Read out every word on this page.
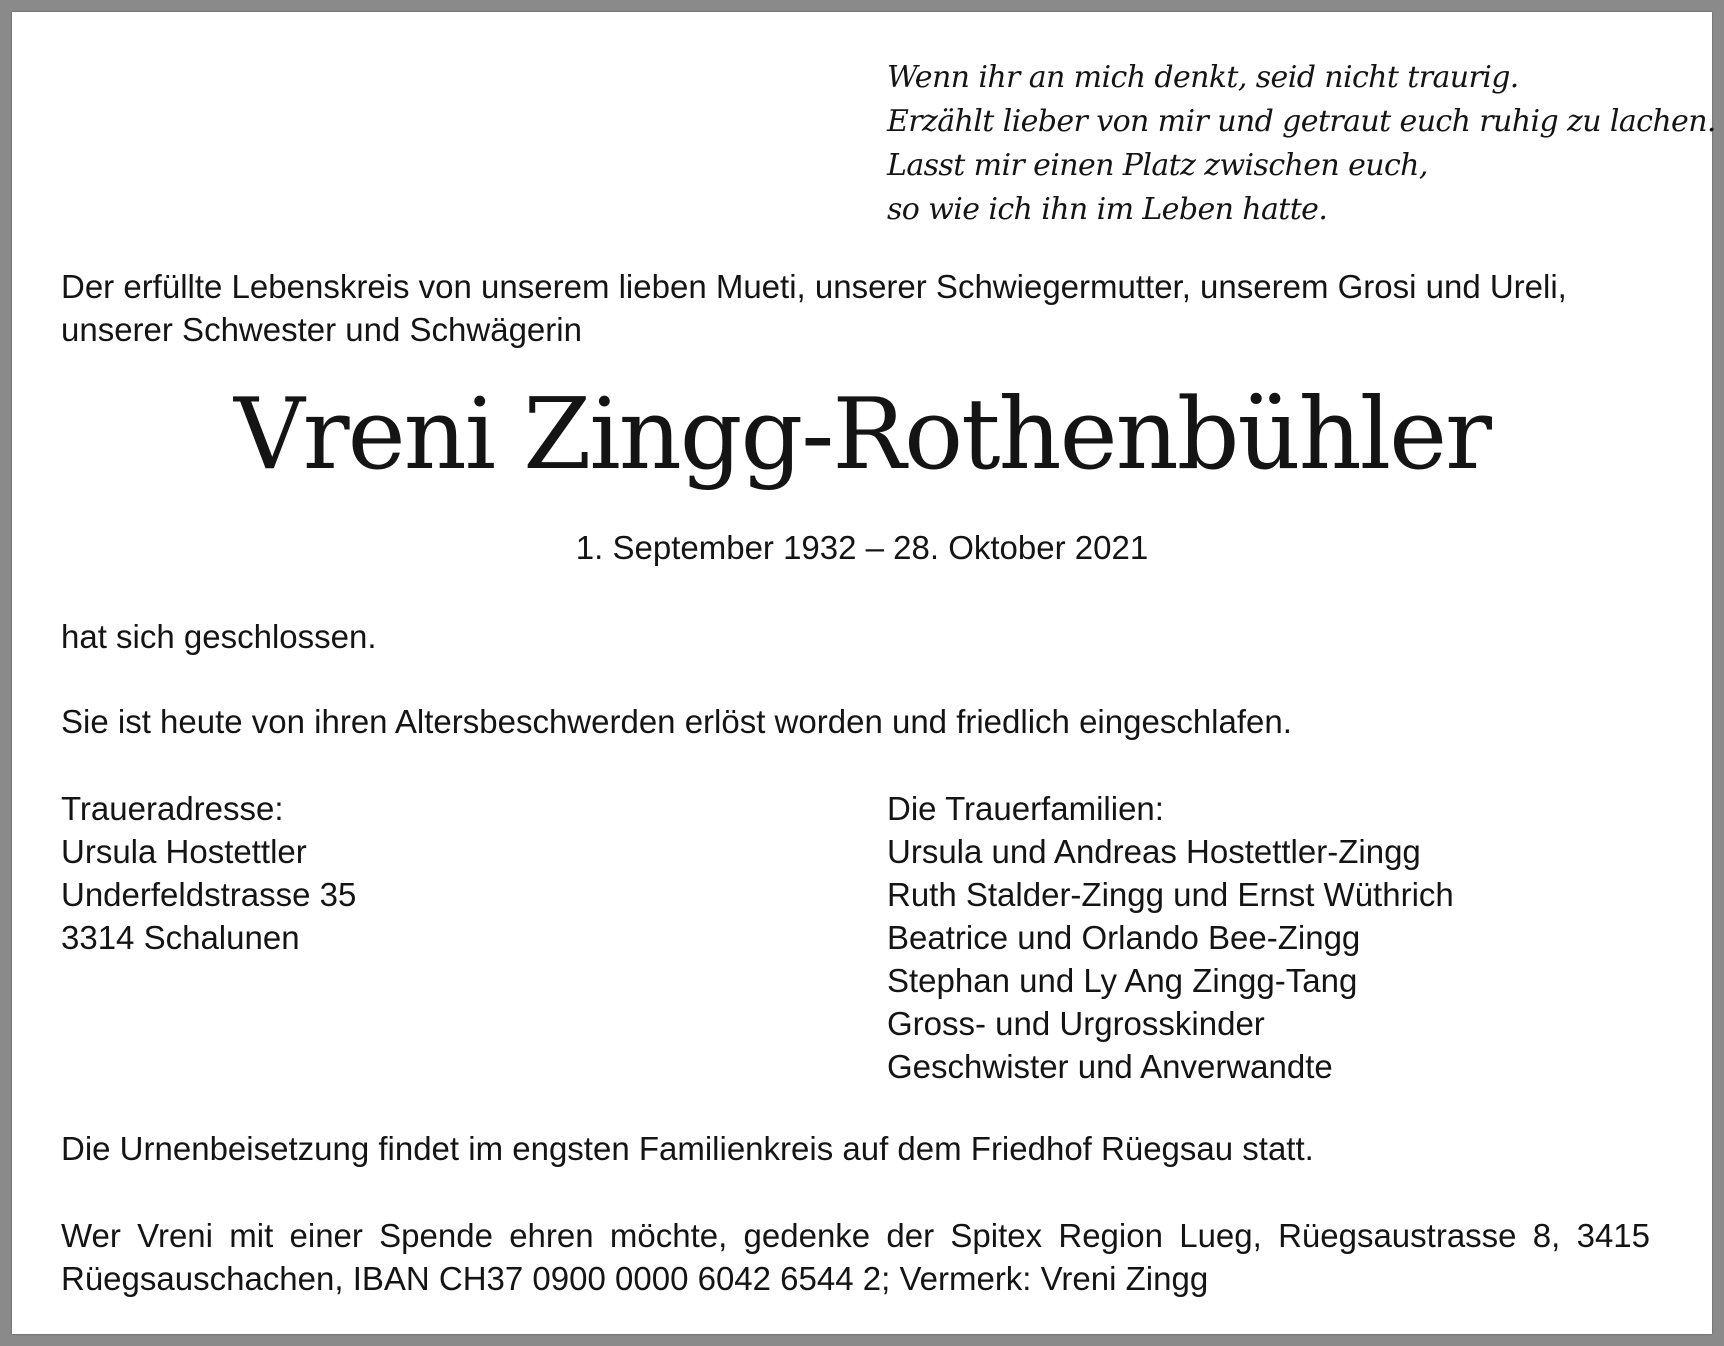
Wenn ihr an mich denkt, seid nicht traurig.
Erzählt lieber von mir und getraut euch ruhig zu lachen.
Lasst mir einen Platz zwischen euch,
so wie ich ihn im Leben hatte.
Der erfüllte Lebenskreis von unserem lieben Mueti, unserer Schwiegermutter, unserem Grosi und Ureli, unserer Schwester und Schwägerin
Vreni Zingg-Rothenbühler
1. September 1932 – 28. Oktober 2021
hat sich geschlossen.
Sie ist heute von ihren Altersbeschwerden erlöst worden und friedlich eingeschlafen.
Traueradresse:
Ursula Hostettler
Underfeldstrasse 35
3314 Schalunen
Die Trauerfamilien:
Ursula und Andreas Hostettler-Zingg
Ruth Stalder-Zingg und Ernst Wüthrich
Beatrice und Orlando Bee-Zingg
Stephan und Ly Ang Zingg-Tang
Gross- und Urgrosskinder
Geschwister und Anverwandte
Die Urnenbeisetzung findet im engsten Familienkreis auf dem Friedhof Rüegsau statt.
Wer Vreni mit einer Spende ehren möchte, gedenke der Spitex Region Lueg, Rüegsaustrasse 8, 3415 Rüegsauschachen, IBAN CH37 0900 0000 6042 6544 2; Vermerk: Vreni Zingg
